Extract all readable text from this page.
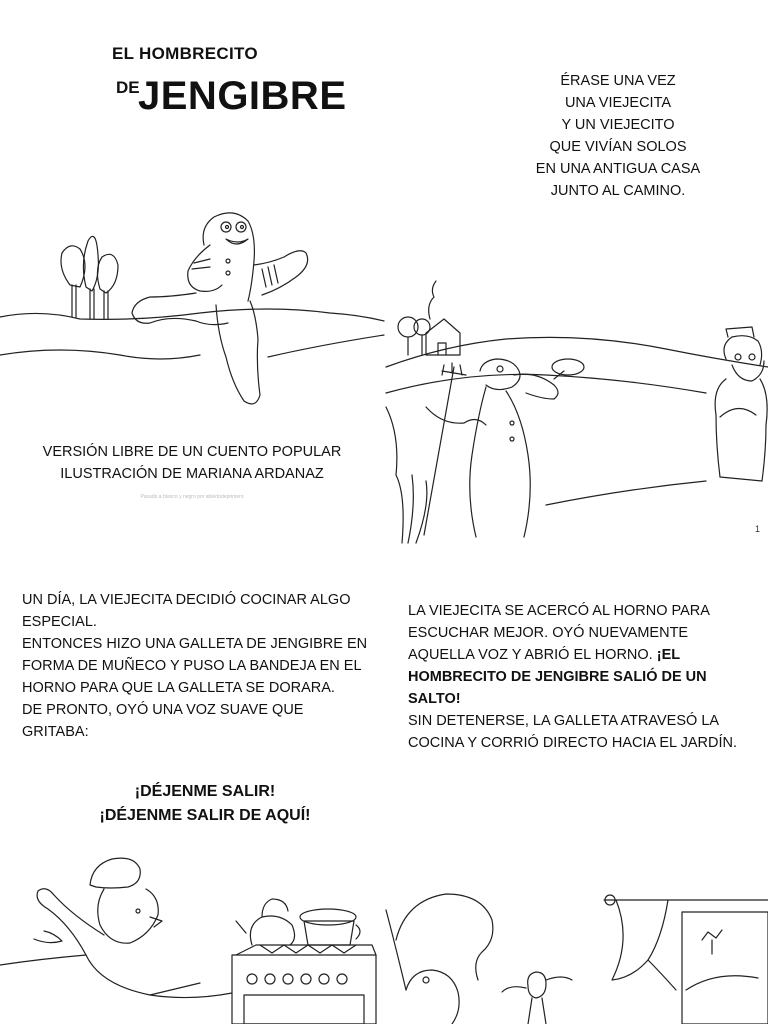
EL HOMBRECITO
DE
JENGIBRE
VERSIÓN LIBRE DE UN CUENTO POPULAR
ILUSTRACIÓN DE MARIANA ARDANAZ
Pasado a blanco y negro por abiertodeprimero
ÉRASE UNA VEZ
UNA VIEJECITA
Y UN VIEJECITO
QUE VIVÍAN SOLOS
EN UNA ANTIGUA CASA
JUNTO AL CAMINO.
1

UN DÍA, LA VIEJECITA DECIDIÓ COCINAR ALGO

ESPECIAL.

ENTONCES HIZO UNA GALLETA DE JENGIBRE EN

FORMA DE MUÑECO Y PUSO LA BANDEJA EN EL

HORNO PARA QUE LA GALLETA SE DORARA.

DE PRONTO, OYÓ UNA VOZ SUAVE QUE

GRITABA:

¡DÉJENME SALIR!
¡DÉJENME SALIR DE AQUÍ!

LA VIEJECITA SE ACERCÓ AL HORNO PARA

ESCUCHAR MEJOR. OYÓ NUEVAMENTE

AQUELLA VOZ Y ABRIÓ EL HORNO. ¡EL

HOMBRECITO DE JENGIBRE SALIÓ DE UN

SALTO!

SIN DETENERSE, LA GALLETA ATRAVESÓ LA

COCINA Y CORRIÓ DIRECTO HACIA EL JARDÍN.
